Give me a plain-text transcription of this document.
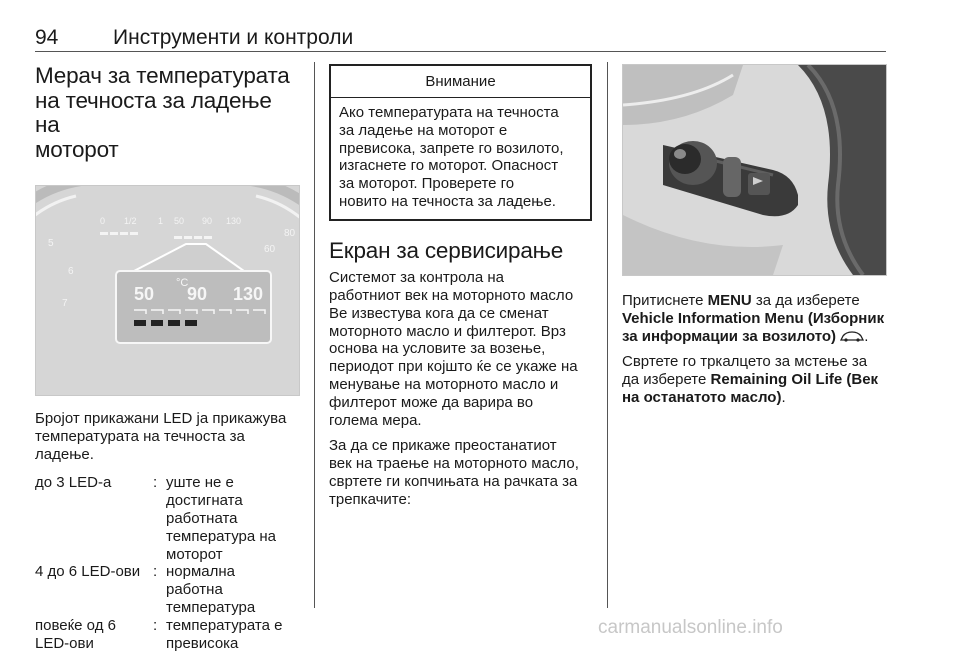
94	Инструменти и контроли
Мерач за температурата
на течноста за ладење на
моторот
5
6
7
60
80
0 1/2 1 50 90 130
50 90 130
°C

Бројот прикажани LED ја прикажува
температурата на течноста за
ладење.

до 3 LED-а	: уште не е
достигната
работната
температура на
моторот
4 до 6 LED-ови : нормална
работна
температура
повеќе од 6
LED-ови
: температурата е
превисока
Внимание

Ако температурата на течноста
за ладење на моторот е
превисока, запрете го возилото,
изгаснете го моторот. Опасност
за моторот. Проверете го
новито на течноста за ладење.

Екран за сервисирање

Системот за контрола на
работниот век на моторното масло
Ве известува кога да се сменат
моторното масло и филтерот. Врз
основа на условите за возење,
периодот при којшто ќе се укаже на
менување на моторното масло и
филтерот може да варира во
голема мера.

За да се прикаже преостанатиот
век на траење на моторното масло,
свртете ги копчињата на рачката за
трепкачите:

Притиснете MENU за да изберете
Vehicle Information Menu (Изборник
за информации за возилото) .

Свртете го тркалцето за мстење за
да изберете Remaining Oil Life (Век
на останатото масло).

carmanualsonline.info
